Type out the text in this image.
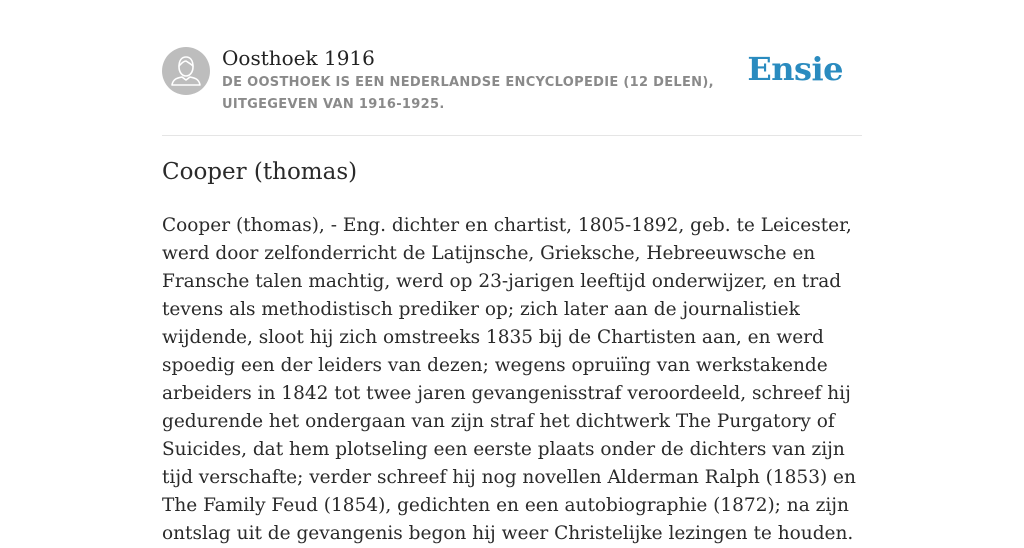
Oosthoek 1916
DE OOSTHOEK IS EEN NEDERLANDSE ENCYCLOPEDIE (12 DELEN), UITGEGEVEN VAN 1916-1925.
Ensie
Cooper (thomas)

Cooper (thomas), - Eng. dichter en chartist, 1805-1892, geb. te Leicester, werd door zelfonderricht de Latijnsche, Grieksche, Hebreeuwsche en Fransche talen machtig, werd op 23-jarigen leeftijd onderwijzer, en trad tevens als methodistisch prediker op; zich later aan de journalistiek wijdende, sloot hij zich omstreeks 1835 bij de Chartisten aan, en werd spoedig een der leiders van dezen; wegens opruiïng van werkstakende arbeiders in 1842 tot twee jaren gevangenisstraf veroordeeld, schreef hij gedurende het ondergaan van zijn straf het dichtwerk The Purgatory of Suicides, dat hem plotseling een eerste plaats onder de dichters van zijn tijd verschafte; verder schreef hij nog novellen Alderman Ralph (1853) en The Family Feud (1854), gedichten en een autobiographie (1872); na zijn ontslag uit de gevangenis begon hij weer Christelijke lezingen te houden.
